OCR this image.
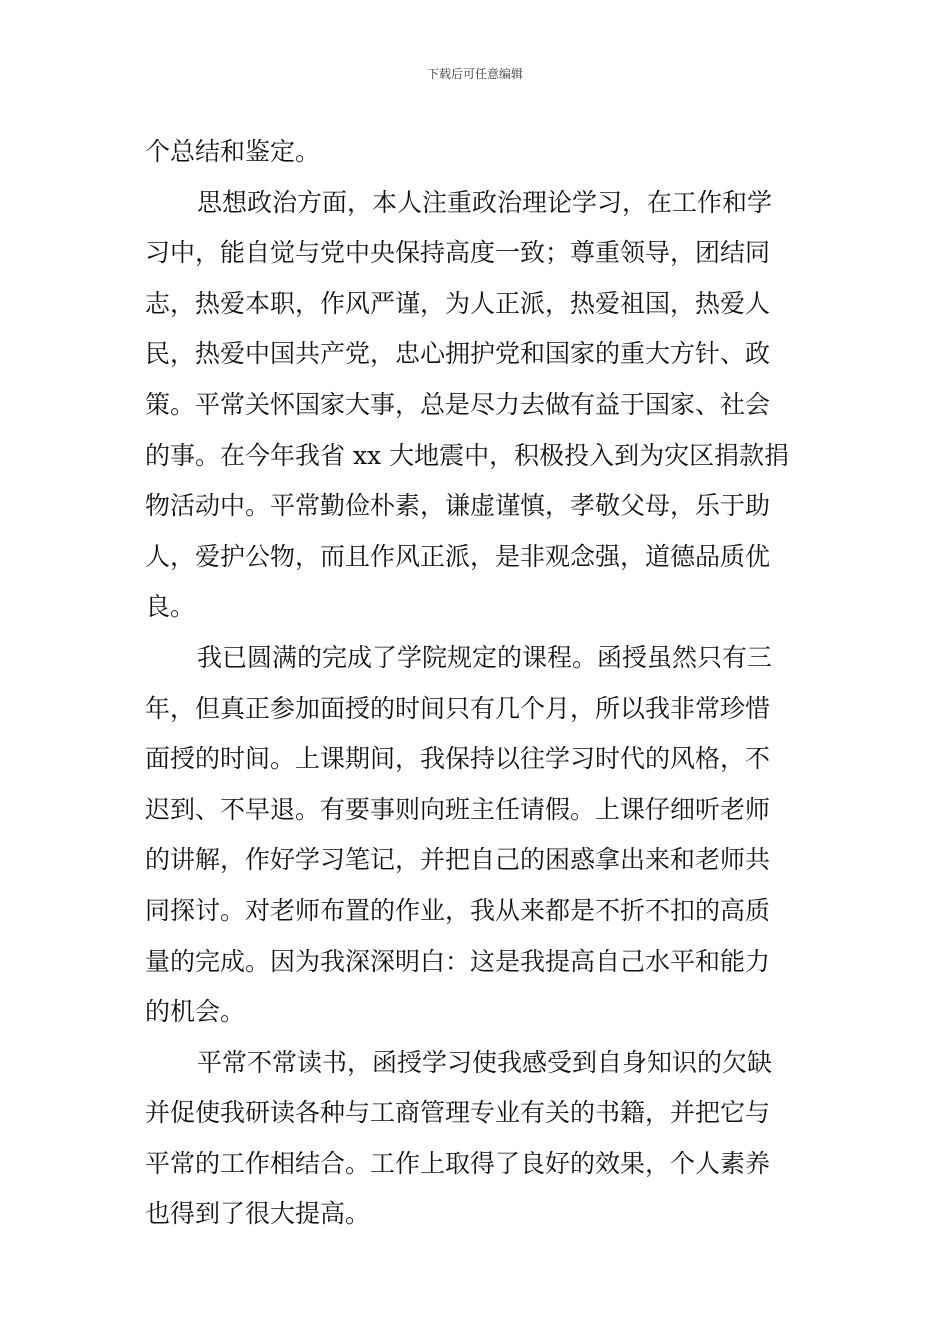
下载后可任意编辑
个总结和鉴定。
思想政治方面，本人注重政治理论学习，在工作和学
习中，能自觉与党中央保持高度一致；尊重领导，团结同
志，热爱本职，作风严谨，为人正派，热爱祖国，热爱人
民，热爱中国共产党，忠心拥护党和国家的重大方针、政
策。平常关怀国家大事，总是尽力去做有益于国家、社会
的事。在今年我省 xx 大地震中，积极投入到为灾区捐款捐
物活动中。平常勤俭朴素，谦虚谨慎，孝敬父母，乐于助
人，爱护公物，而且作风正派，是非观念强，道德品质优
良。
我已圆满的完成了学院规定的课程。函授虽然只有三
年，但真正参加面授的时间只有几个月，所以我非常珍惜
面授的时间。上课期间，我保持以往学习时代的风格，不
迟到、不早退。有要事则向班主任请假。上课仔细听老师
的讲解，作好学习笔记，并把自己的困惑拿出来和老师共
同探讨。对老师布置的作业，我从来都是不折不扣的高质
量的完成。因为我深深明白：这是我提高自己水平和能力
的机会。
平常不常读书，函授学习使我感受到自身知识的欠缺
并促使我研读各种与工商管理专业有关的书籍，并把它与
平常的工作相结合。工作上取得了良好的效果，个人素养
也得到了很大提高。
